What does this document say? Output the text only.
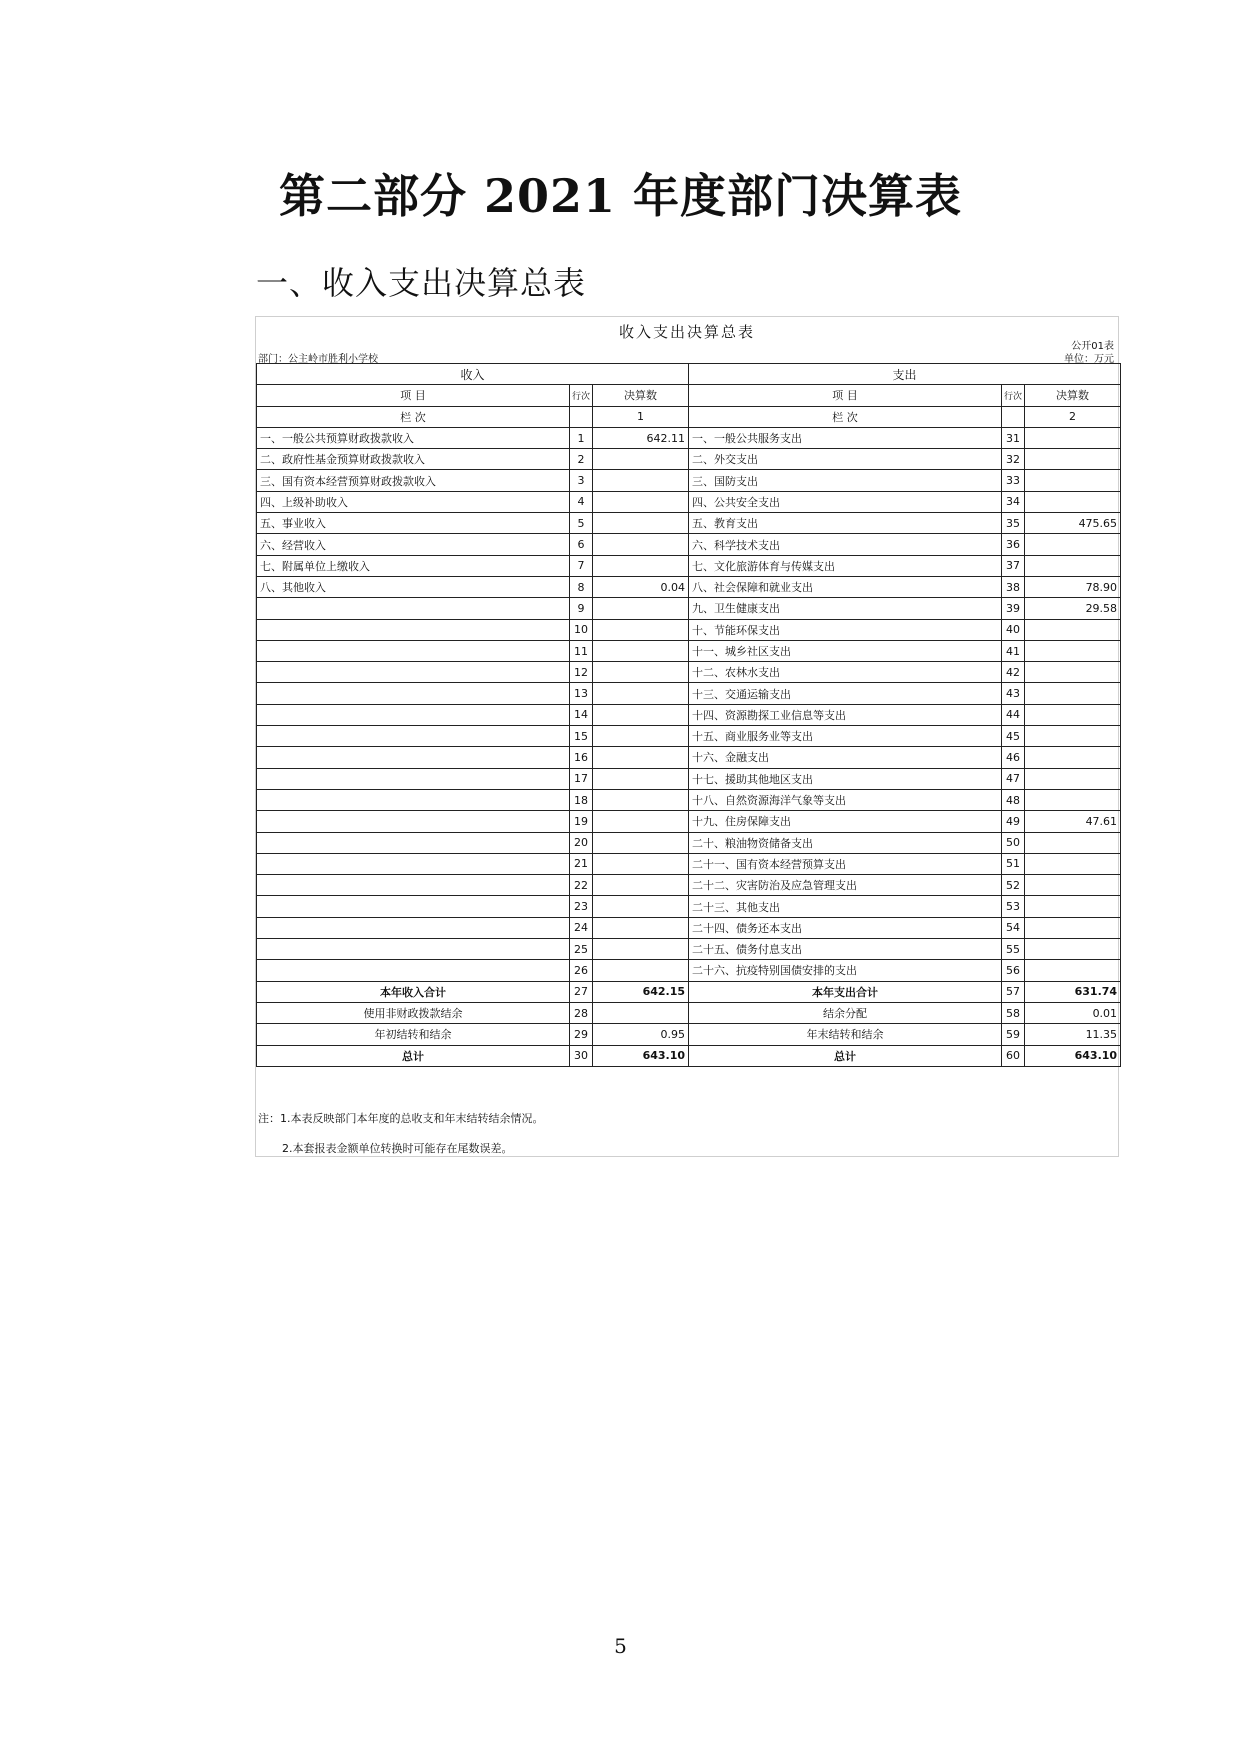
第二部分 2021 年度部门决算表
一、收入支出决算总表
收入支出决算总表
公开01表
部门：公主岭市胜利小学校	单位：万元
收入			支出		
项 目	行次	决算数	项 目	行次	决算数
栏 次		1	栏 次		2
一、一般公共预算财政拨款收入	1	642.11	一、一般公共服务支出	31	
二、政府性基金预算财政拨款收入	2		二、外交支出	32	
三、国有资本经营预算财政拨款收入	3		三、国防支出	33	
四、上级补助收入	4		四、公共安全支出	34	
五、事业收入	5		五、教育支出	35	475.65
六、经营收入	6		六、科学技术支出	36	
七、附属单位上缴收入	7		七、文化旅游体育与传媒支出	37	
八、其他收入	8	0.04	八、社会保障和就业支出	38	78.90
	9		九、卫生健康支出	39	29.58
	10		十、节能环保支出	40	
	11		十一、城乡社区支出	41	
	12		十二、农林水支出	42	
	13		十三、交通运输支出	43	
	14		十四、资源勘探工业信息等支出	44	
	15		十五、商业服务业等支出	45	
	16		十六、金融支出	46	
	17		十七、援助其他地区支出	47	
	18		十八、自然资源海洋气象等支出	48	
	19		十九、住房保障支出	49	47.61
	20		二十、粮油物资储备支出	50	
	21		二十一、国有资本经营预算支出	51	
	22		二十二、灾害防治及应急管理支出	52	
	23		二十三、其他支出	53	
	24		二十四、债务还本支出	54	
	25		二十五、债务付息支出	55	
	26		二十六、抗疫特别国债安排的支出	56	
本年收入合计	27	642.15	本年支出合计	57	631.74
使用非财政拨款结余	28		结余分配	58	0.01
年初结转和结余	29	0.95	年末结转和结余	59	11.35
总计	30	643.10	总计	60	643.10
注：1.本表反映部门本年度的总收支和年末结转结余情况。
2.本套报表金额单位转换时可能存在尾数误差。
5
